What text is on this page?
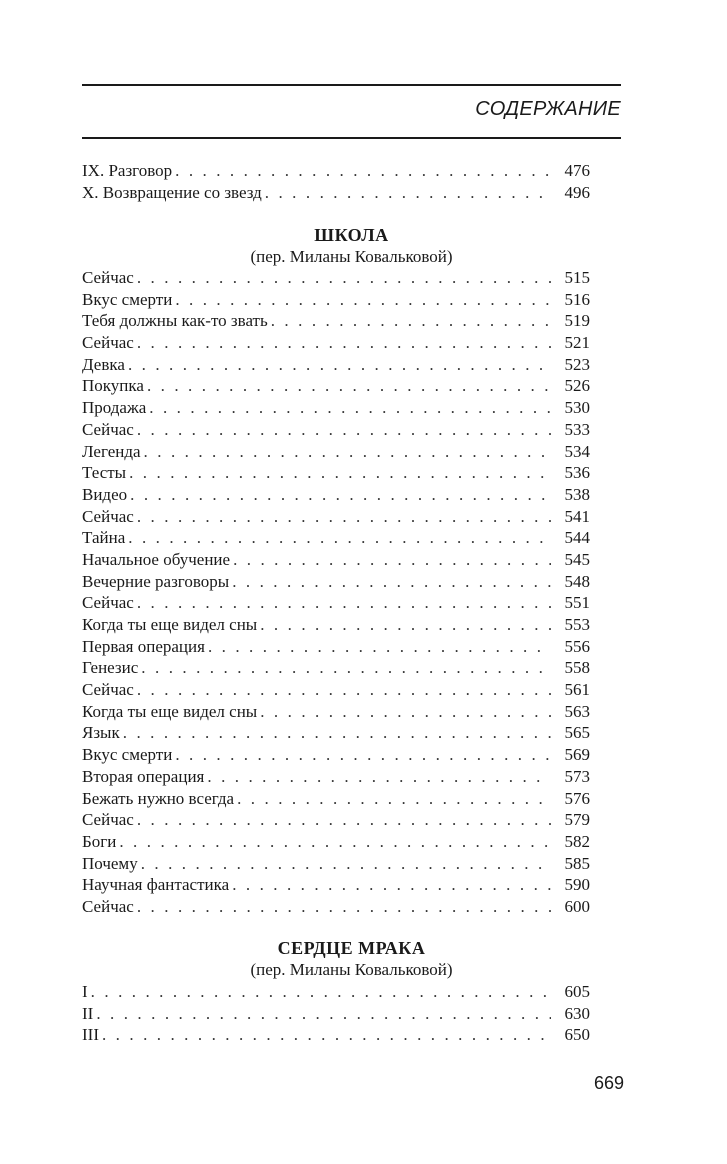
СОДЕРЖАНИЕ
IX. Разговор . . .	476
X. Возвращение со звезд . . .	496
ШКОЛА
(пер. Миланы Ковальковой)
Сейчас . . .	515
Вкус смерти . . .	516
Тебя должны как-то звать . . .	519
Сейчас . . .	521
Девка . . .	523
Покупка . . .	526
Продажа . . .	530
Сейчас . . .	533
Легенда . . .	534
Тесты . . .	536
Видео . . .	538
Сейчас . . .	541
Тайна . . .	544
Начальное обучение . . .	545
Вечерние разговоры . . .	548
Сейчас . . .	551
Когда ты еще видел сны . . .	553
Первая операция . . .	556
Генезис . . .	558
Сейчас . . .	561
Когда ты еще видел сны . . .	563
Язык . . .	565
Вкус смерти . . .	569
Вторая операция . . .	573
Бежать нужно всегда . . .	576
Сейчас . . .	579
Боги . . .	582
Почему . . .	585
Научная фантастика . . .	590
Сейчас . . .	600
СЕРДЦЕ МРАКА
(пер. Миланы Ковальковой)
I . . .	605
II . . .	630
III . . .	650
669
